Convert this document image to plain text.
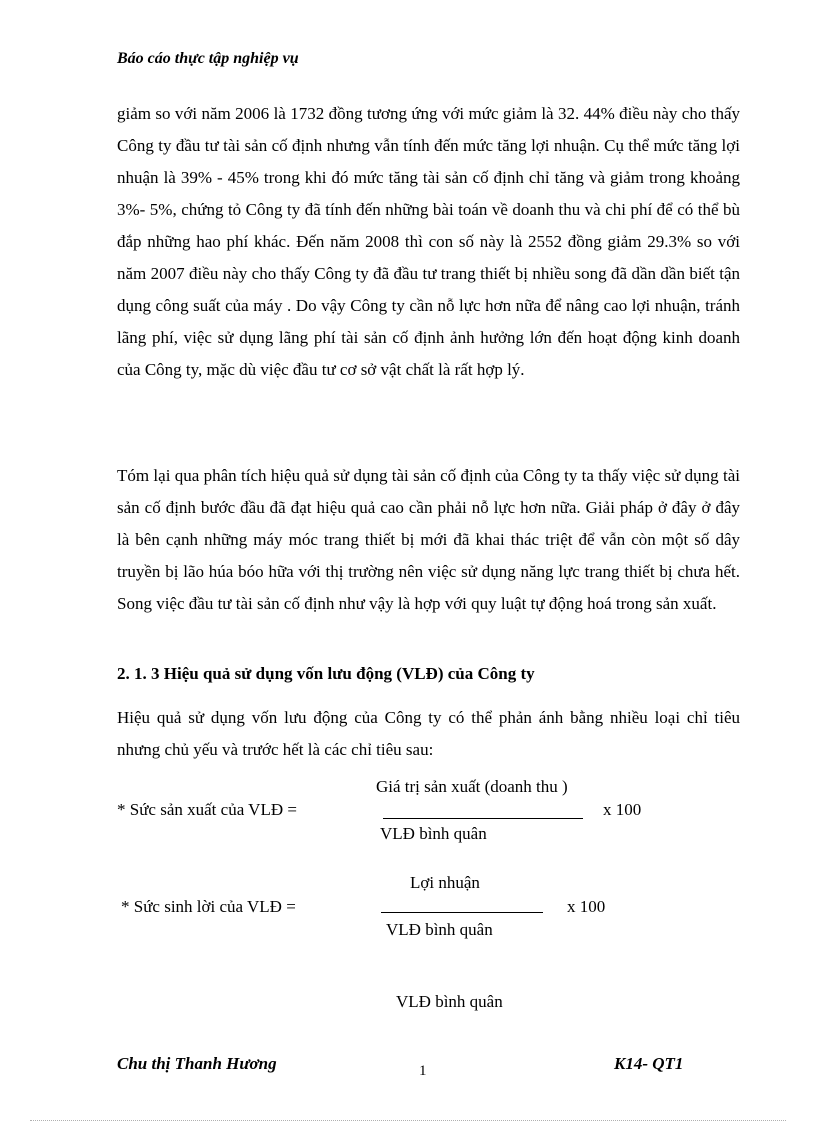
Báo cáo thực tập nghiệp vụ
giảm so với năm 2006 là 1732 đồng tương ứng với mức giảm là 32. 44% điều này cho thấy Công ty đầu tư tài sản cố định nhưng vẫn tính đến mức tăng lợi nhuận. Cụ thể mức tăng lợi nhuận là 39% - 45% trong khi đó mức tăng tài sản cố định chỉ tăng và giảm trong khoảng 3%- 5%, chứng tỏ Công ty đã tính đến những bài toán về doanh thu và chi phí để có thể bù đắp những hao phí khác. Đến năm 2008 thì con số này là 2552 đồng giảm 29.3% so với năm 2007 điều này cho thấy Công ty đã đầu tư trang thiết bị nhiều song đã dần dần biết tận dụng công suất của máy . Do vậy Công ty cần nỗ lực hơn nữa để nâng cao lợi nhuận, tránh lãng phí, việc sử dụng lãng phí tài sản cố định ảnh hưởng lớn đến hoạt động kinh doanh của Công ty, mặc dù việc đầu tư cơ sở vật chất là rất hợp lý.
Tóm lại qua phân tích hiệu quả sử dụng tài sản cố định của Công ty ta thấy việc sử dụng tài sản cố định bước đầu đã đạt hiệu quả cao cần phải nỗ lực hơn nữa. Giải pháp ở đây ở đây là bên cạnh những máy móc trang thiết bị mới đã khai thác triệt để vẫn còn một số dây truyền bị lão húa bóo hữa với thị trường nên việc sử dụng năng lực trang thiết bị chưa hết. Song việc đầu tư tài sản cố định như vậy là hợp với quy luật tự động hoá trong sản xuất.
2. 1. 3 Hiệu quả sử dụng vốn lưu động (VLĐ) của Công ty
Hiệu quả sử dụng vốn lưu động của Công ty có thể phản ánh bằng nhiều loại chỉ tiêu nhưng chủ yếu và trước hết là các chỉ tiêu sau:
Giá trị sản xuất (doanh thu )
* Sức sản xuất của VLĐ =	x 100
VLĐ bình quân
Lợi nhuận
* Sức sinh lời của VLĐ =	x 100
VLĐ bình quân
VLĐ bình quân
Chu thị Thanh Hương	1	K14- QT1
